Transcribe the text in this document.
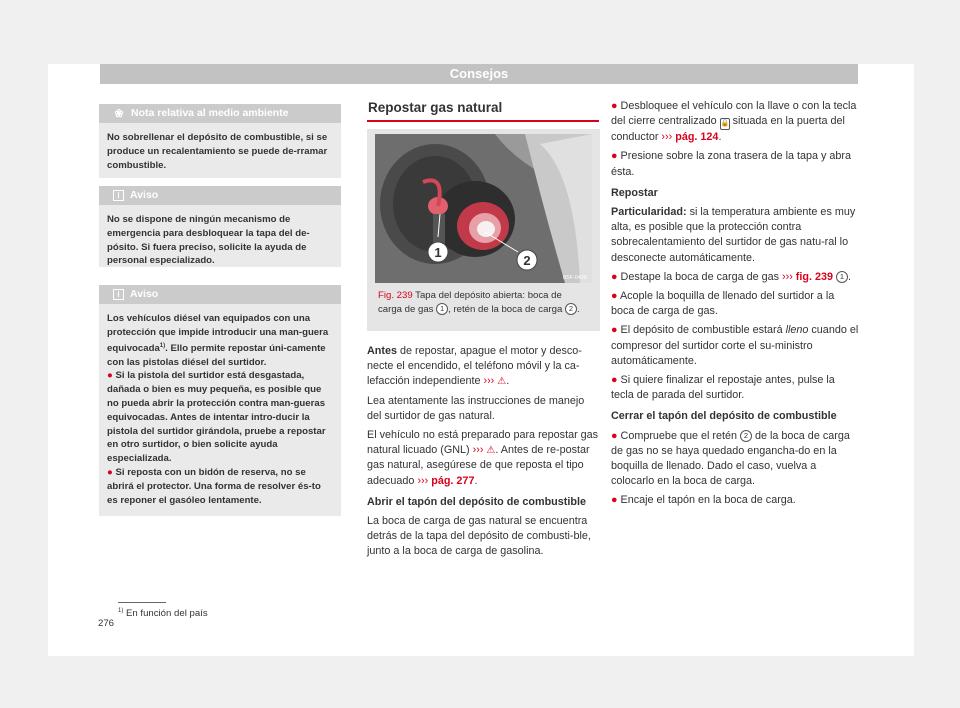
Consejos
❀ Nota relativa al medio ambiente

No sobrellenar el depósito de combustible, si se produce un recalentamiento se puede de-rramar combustible.

i Aviso

No se dispone de ningún mecanismo de emergencia para desbloquear la tapa del de-pósito. Si fuera preciso, solicite la ayuda de personal especializado.

i Aviso

Los vehículos diésel van equipados con una protección que impide introducir una man-guera equivocada$^{1)}$. Ello permite repostar úni-camente con las pistolas diésel del surtidor.

● Si la pistola del surtidor está desgastada, dañada o bien es muy pequeña, es posible que no pueda abrir la protección contra man-gueras equivocadas. Antes de intentar intro-ducir la pistola del surtidor girándola, pruebe a repostar en otro surtidor, o bien solicite ayuda especializada.

● Si reposta con un bidón de reserva, no se abrirá el protector. Una forma de resolver és-to es reponer el gasóleo lentamente.

Repostar gas natural
1
2
B5F-0428
Fig. 239 Tapa del depósito abierta: boca de carga de gas 1 , retén de la boca de carga 2 .

Antes de repostar, apague el motor y desco-necte el encendido, el teléfono móvil y la ca-lefacción independiente ››› ⚠.

Lea atentamente las instrucciones de manejo del surtidor de gas natural.

El vehículo no está preparado para repostar gas natural licuado (GNL) ››› ⚠. Antes de re-postar gas natural, asegúrese de que reposta el tipo adecuado ››› pág. 277.

Abrir el tapón del depósito de combustible

La boca de carga de gas natural se encuentra detrás de la tapa del depósito de combusti-ble, junto a la boca de carga de gasolina.

● Desbloquee el vehículo con la llave o con la tecla del cierre centralizado 🔒 situada en la puerta del conductor ››› pág. 124.

● Presione sobre la zona trasera de la tapa y abra ésta.

Repostar

Particularidad: si la temperatura ambiente es muy alta, es posible que la protección contra sobrecalentamiento del surtidor de gas natu-ral lo desconecte automáticamente.

● Destape la boca de carga de gas ››› fig. 239 1 .

● Acople la boquilla de llenado del surtidor a la boca de carga de gas.

● El depósito de combustible estará lleno cuando el compresor del surtidor corte el su-ministro automáticamente.

● Si quiere finalizar el repostaje antes, pulse la tecla de parada del surtidor.

Cerrar el tapón del depósito de combustible

● Compruebe que el retén 2 de la boca de carga de gas no se haya quedado engancha-do en la boquilla de llenado. Dado el caso, vuelva a colocarlo en la boca de carga.

● Encaje el tapón en la boca de carga.

$^{1)}$ En función del país
276
